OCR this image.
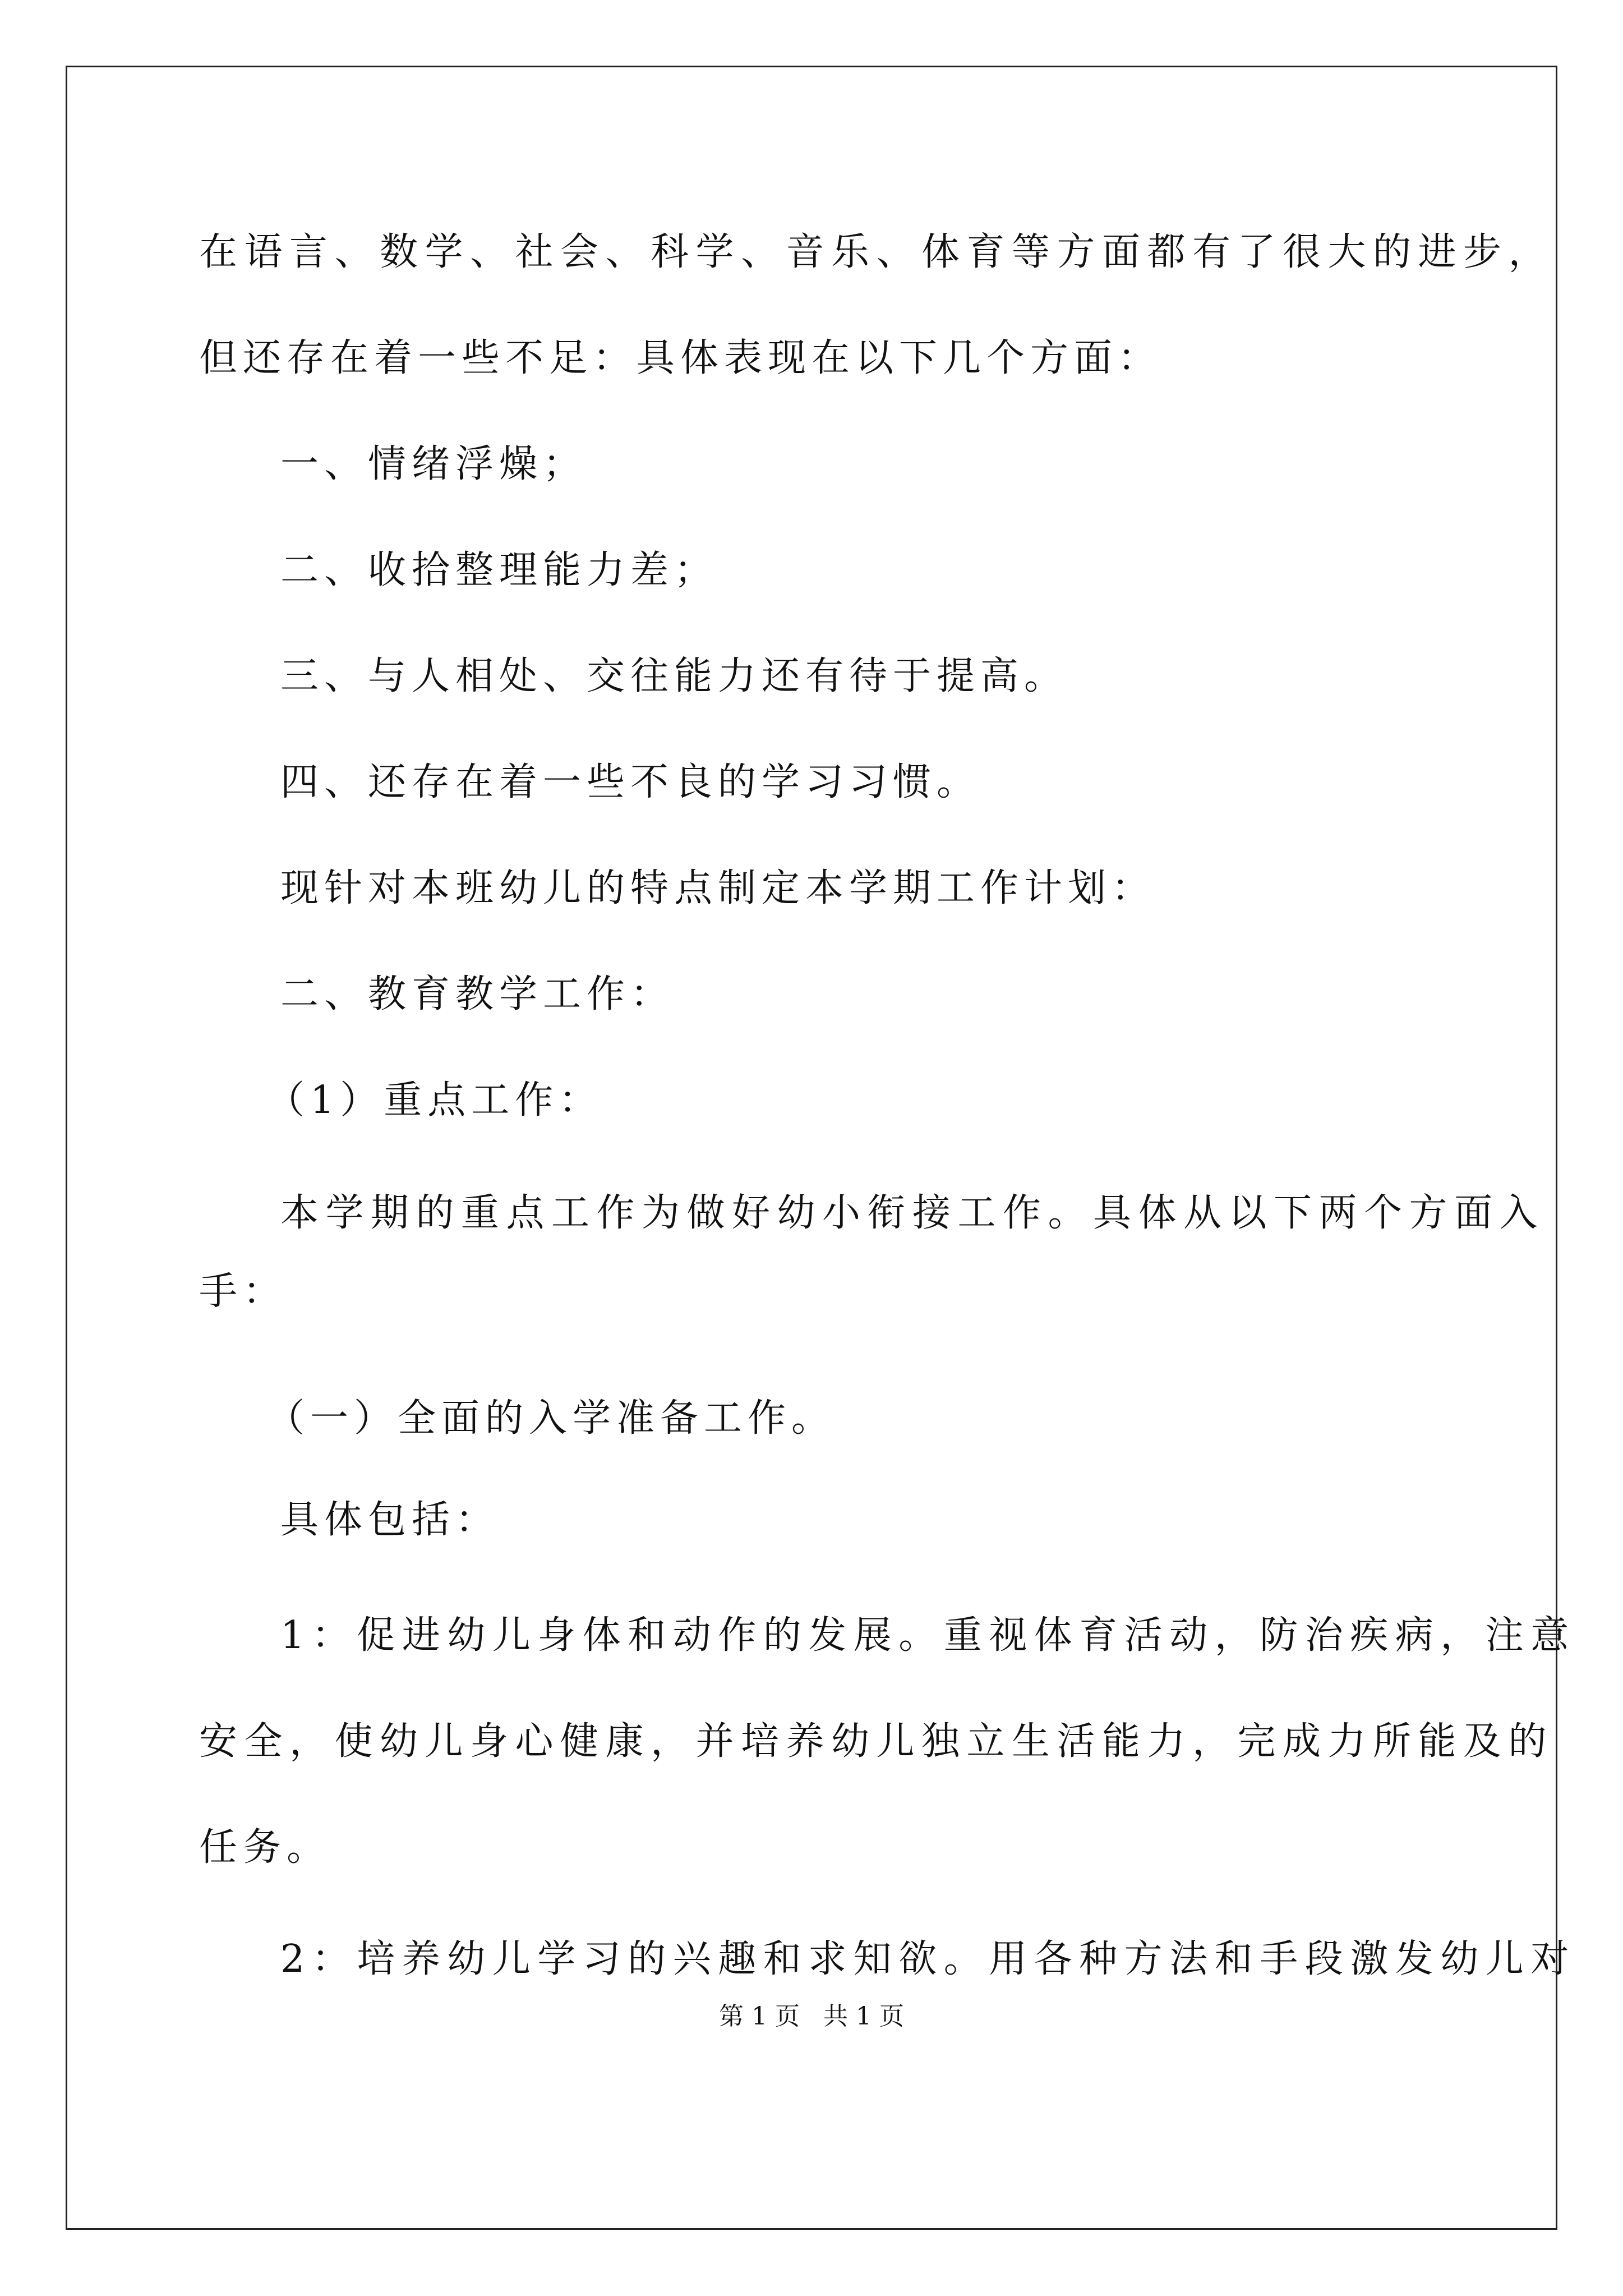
在语言、数学、社会、科学、音乐、体育等方面都有了很大的进步，

但还存在着一些不足：具体表现在以下几个方面：

一、情绪浮燥；

二、收拾整理能力差；

三、与人相处、交往能力还有待于提高。

四、还存在着一些不良的学习习惯。

现针对本班幼儿的特点制定本学期工作计划：

二、教育教学工作：

（1）重点工作：

本学期的重点工作为做好幼小衔接工作。具体从以下两个方面入

手：

（一）全面的入学准备工作。

具体包括：

1：促进幼儿身体和动作的发展。重视体育活动，防治疾病，注意

安全，使幼儿身心健康，并培养幼儿独立生活能力，完成力所能及的

任务。

2：培养幼儿学习的兴趣和求知欲。用各种方法和手段激发幼儿对

第 1 页   共 1 页
